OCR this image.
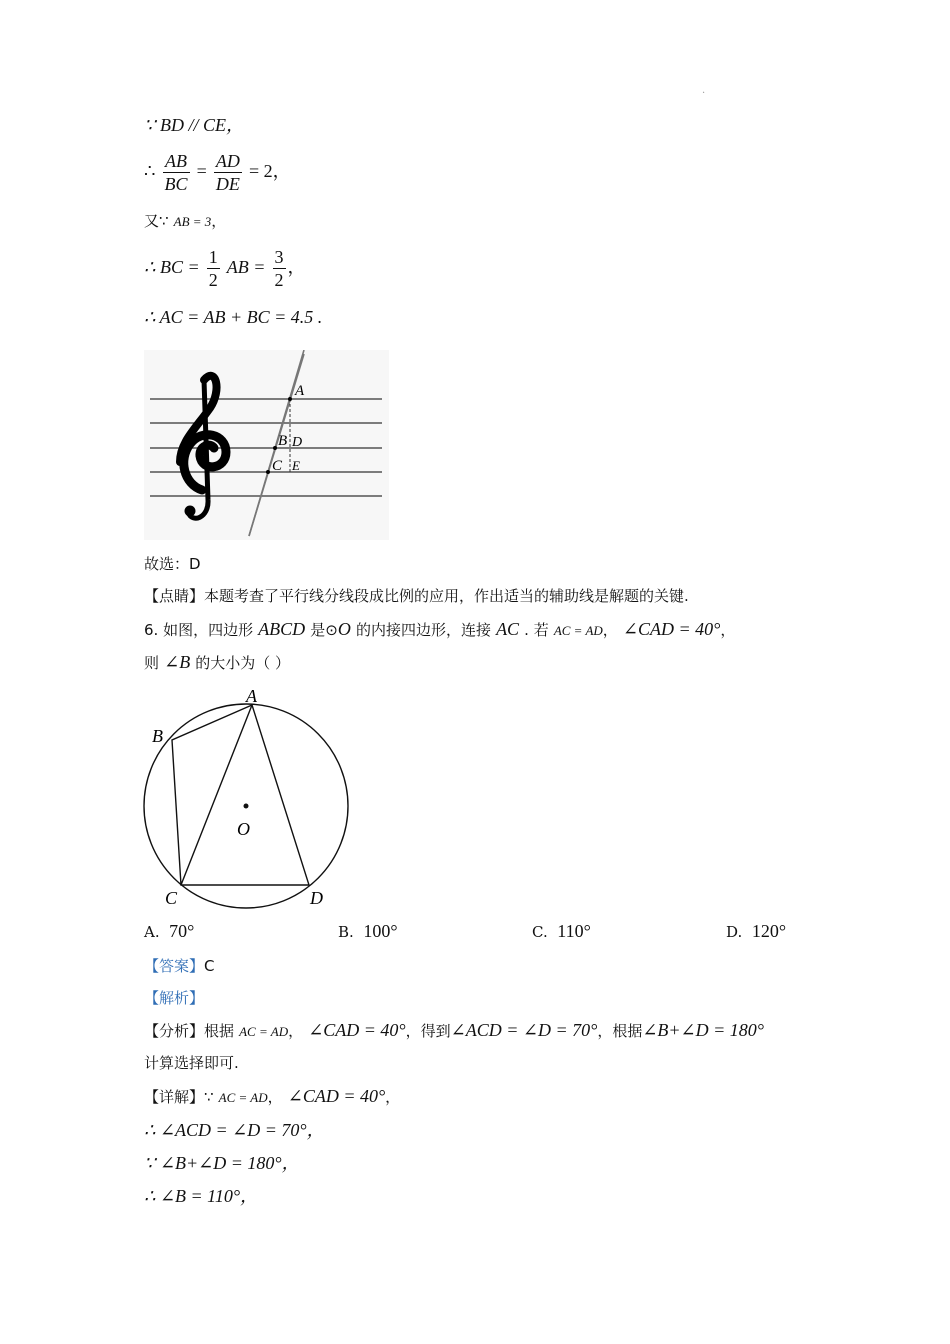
.
∵ BD // CE，
∴ $\frac{AB}{BC} = \frac{AD}{DE} = 2$，
又∵ AB = 3，
∴ BC = $\frac{1}{2}$ AB = $\frac{3}{2}$ ，
∴ AC = AB + BC = 4.5 .
A
B D
C E
故选：D
【点睛】本题考查了平行线分线段成比例的应用，作出适当的辅助线是解题的关键.
6. 如图，四边形 ABCD 是⊙O 的内接四边形，连接 AC . 若 AC = AD， ∠CAD = 40°，
则 ∠B 的大小为（ ）
A
B
C	D
O
A. 70°	B. 100°	C. 110°	D. 120°
【答案】C
【解析】
【分析】根据 AC = AD， ∠CAD = 40°，得到∠ACD = ∠D = 70°，根据∠B+∠D = 180°
计算选择即可.
【详解】∵ AC = AD， ∠CAD = 40°，
∴ ∠ACD = ∠D = 70°，
∵ ∠B+∠D = 180°，
∴ ∠B = 110°，
